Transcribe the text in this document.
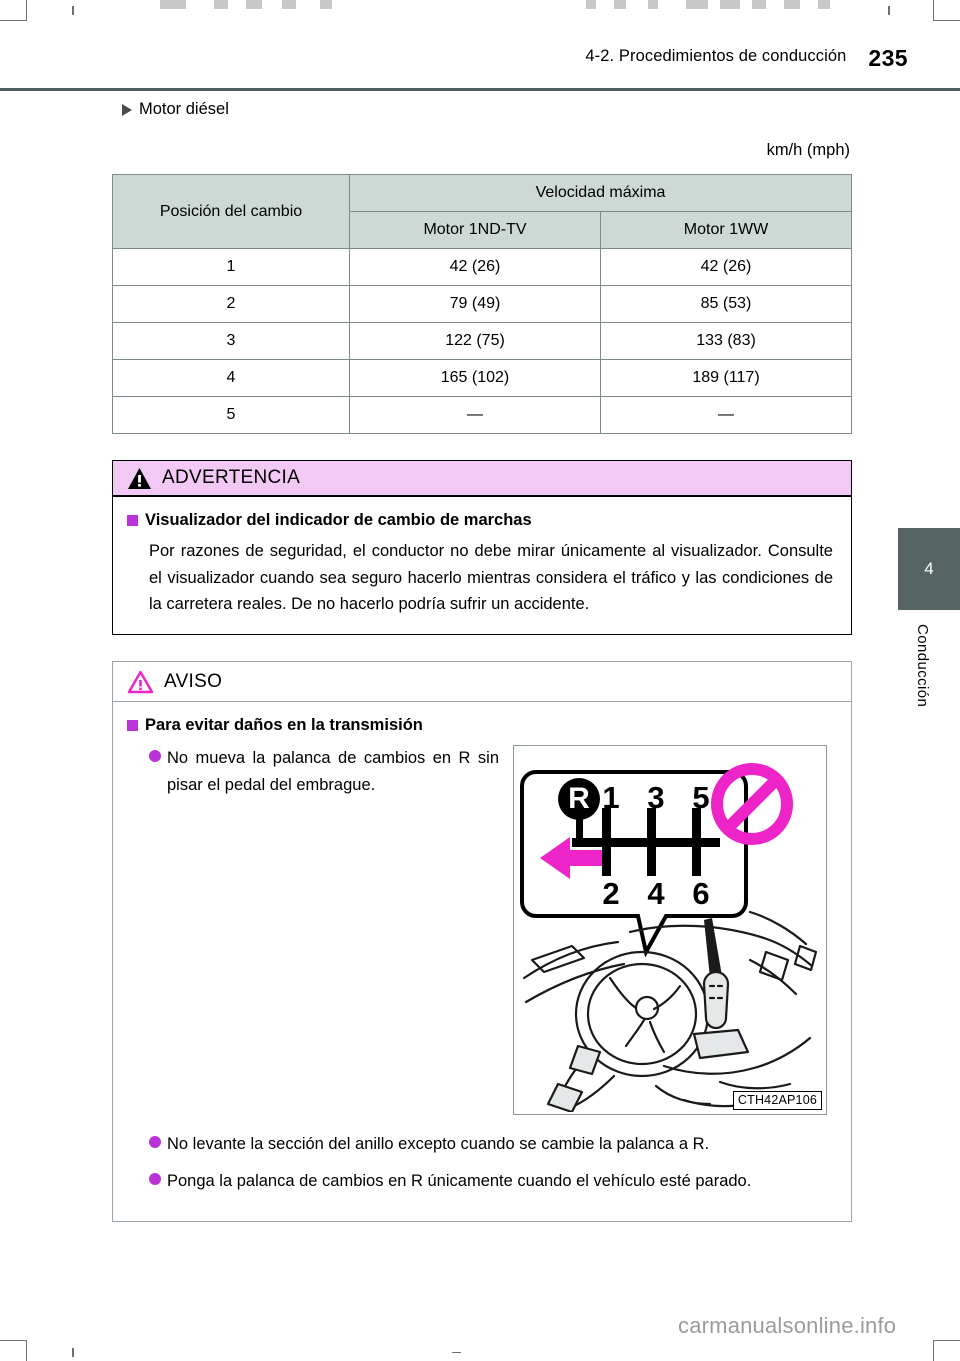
4-2. Procedimientos de conducción 235
Motor diésel
km/h (mph)
Posición del cambio	Velocidad máxima	
	Motor 1ND-TV	Motor 1WW
1	42 (26)	42 (26)
2	79 (49)	85 (53)
3	122 (75)	133 (83)
4	165 (102)	189 (117)
5	—	—
ADVERTENCIA
Visualizador del indicador de cambio de marchas

Por razones de seguridad, el conductor no debe mirar únicamente al visualizador. Consulte el visualizador cuando sea seguro hacerlo mientras considera el tráfico y las condiciones de la carretera reales. De no hacerlo podría sufrir un accidente.

AVISO
Para evitar daños en la transmisión
No mueva la palanca de cambios en R sin pisar el pedal del embrague.	R 1 3 5
2 4 6
CTH42AP106
No levante la sección del anillo excepto cuando se cambie la palanca a R.
Ponga la palanca de cambios en R únicamente cuando el vehículo esté parado.
4
Conducción
carmanualsonline.info
